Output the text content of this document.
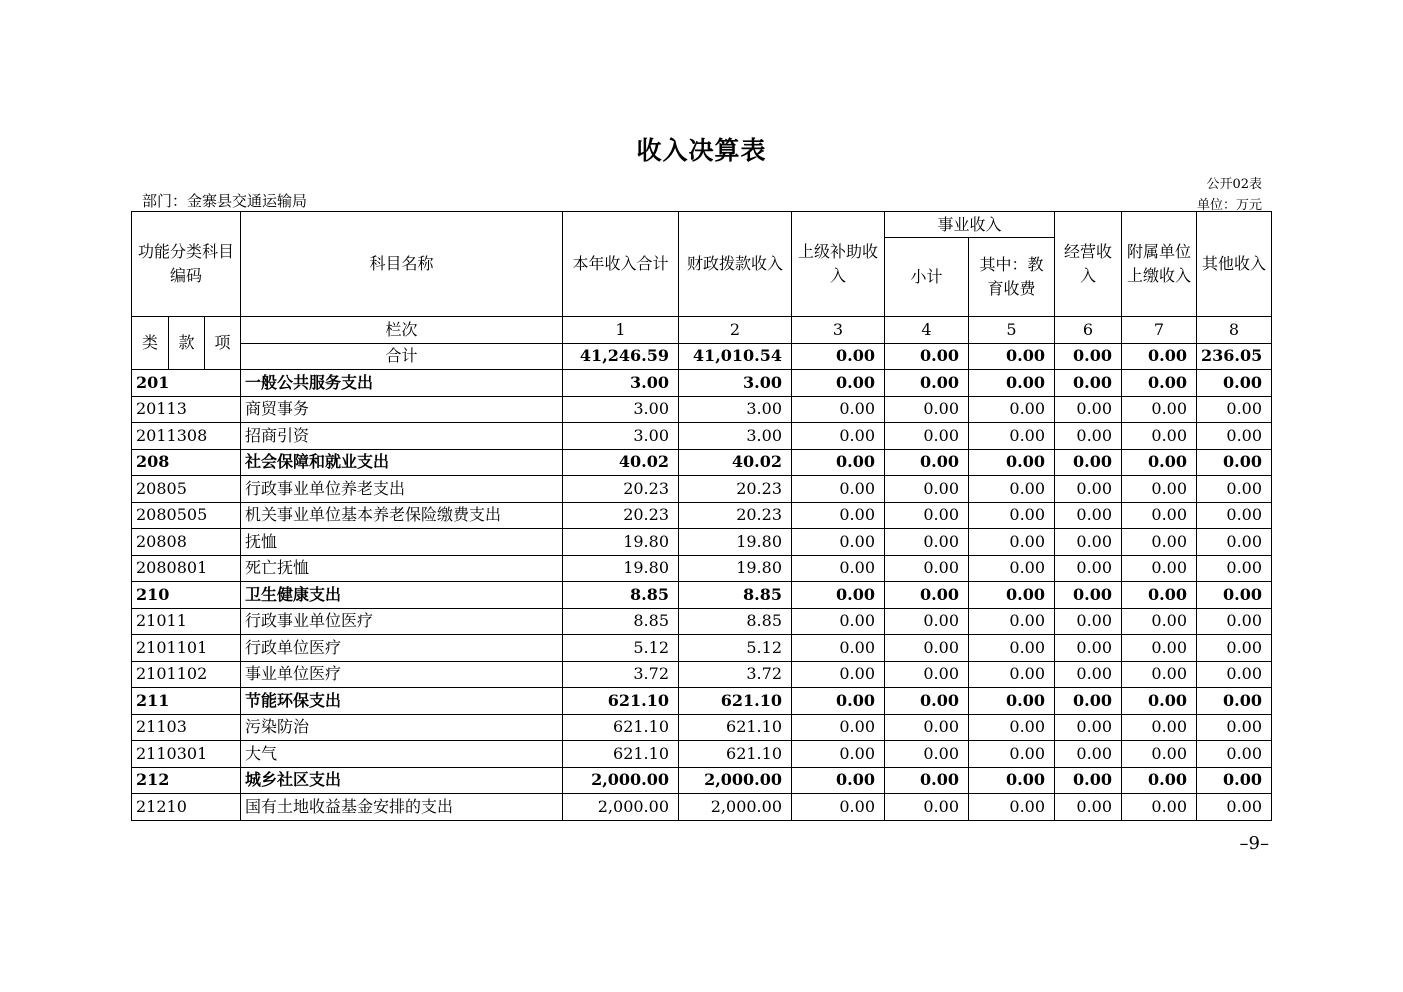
收入决算表
公开02表
部门：金寨县交通运输局	单位：万元
功能分类科目编码			科目名称	本年收入合计	财政拨款收入	上级补助收入	事业收入		经营收入	附属单位上缴收入	其他收入
							小计	其中：教育收费			
类	款	项	栏次	1	2	3	4	5	6	7	8
			合计	41,246.59	41,010.54	0.00	0.00	0.00	0.00	0.00	236.05
201			一般公共服务支出	3.00	3.00	0.00	0.00	0.00	0.00	0.00	0.00
20113			商贸事务	3.00	3.00	0.00	0.00	0.00	0.00	0.00	0.00
2011308			招商引资	3.00	3.00	0.00	0.00	0.00	0.00	0.00	0.00
208			社会保障和就业支出	40.02	40.02	0.00	0.00	0.00	0.00	0.00	0.00
20805			行政事业单位养老支出	20.23	20.23	0.00	0.00	0.00	0.00	0.00	0.00
2080505			机关事业单位基本养老保险缴费支出	20.23	20.23	0.00	0.00	0.00	0.00	0.00	0.00
20808			抚恤	19.80	19.80	0.00	0.00	0.00	0.00	0.00	0.00
2080801			死亡抚恤	19.80	19.80	0.00	0.00	0.00	0.00	0.00	0.00
210			卫生健康支出	8.85	8.85	0.00	0.00	0.00	0.00	0.00	0.00
21011			行政事业单位医疗	8.85	8.85	0.00	0.00	0.00	0.00	0.00	0.00
2101101			行政单位医疗	5.12	5.12	0.00	0.00	0.00	0.00	0.00	0.00
2101102			事业单位医疗	3.72	3.72	0.00	0.00	0.00	0.00	0.00	0.00
211			节能环保支出	621.10	621.10	0.00	0.00	0.00	0.00	0.00	0.00
21103			污染防治	621.10	621.10	0.00	0.00	0.00	0.00	0.00	0.00
2110301			大气	621.10	621.10	0.00	0.00	0.00	0.00	0.00	0.00
212			城乡社区支出	2,000.00	2,000.00	0.00	0.00	0.00	0.00	0.00	0.00
21210			国有土地收益基金安排的支出	2,000.00	2,000.00	0.00	0.00	0.00	0.00	0.00	0.00
–9–
